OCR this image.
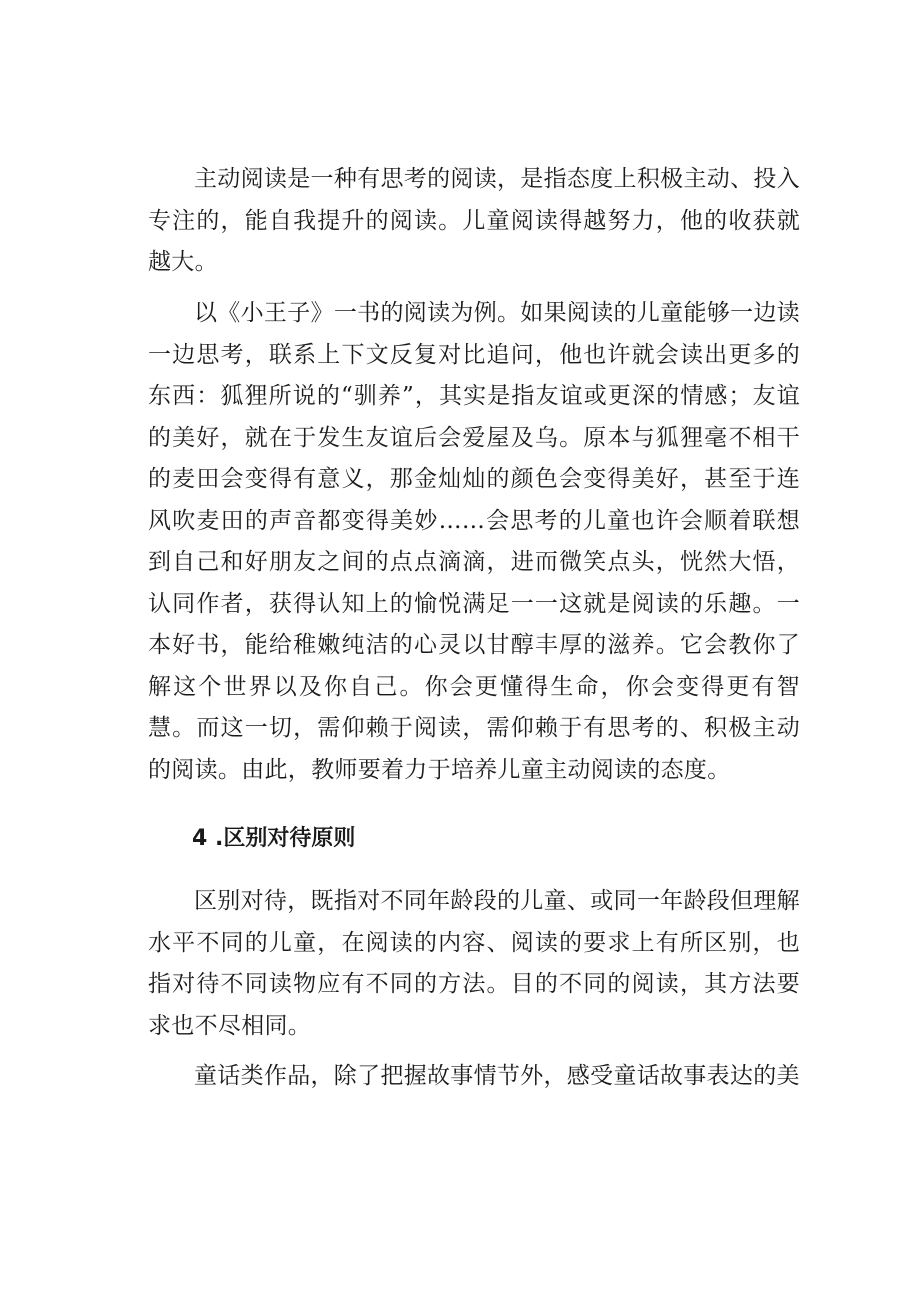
主动阅读是一种有思考的阅读，是指态度上积极主动、投入专注的，能自我提升的阅读。儿童阅读得越努力，他的收获就越大。

以《小王子》一书的阅读为例。如果阅读的儿童能够一边读一边思考，联系上下文反复对比追问，他也许就会读出更多的东西：狐狸所说的“驯养”，其实是指友谊或更深的情感；友谊的美好，就在于发生友谊后会爱屋及乌。原本与狐狸毫不相干的麦田会变得有意义，那金灿灿的颜色会变得美好，甚至于连风吹麦田的声音都变得美妙……会思考的儿童也许会顺着联想到自己和好朋友之间的点点滴滴，进而微笑点头，恍然大悟，认同作者，获得认知上的愉悦满足一一这就是阅读的乐趣。一本好书，能给稚嫩纯洁的心灵以甘醇丰厚的滋养。它会教你了解这个世界以及你自己。你会更懂得生命，你会变得更有智慧。而这一切，需仰赖于阅读，需仰赖于有思考的、积极主动的阅读。由此，教师要着力于培养儿童主动阅读的态度。

4 .区别对待原则

区别对待，既指对不同年龄段的儿童、或同一年龄段但理解水平不同的儿童，在阅读的内容、阅读的要求上有所区别，也指对待不同读物应有不同的方法。目的不同的阅读，其方法要求也不尽相同。

童话类作品，除了把握故事情节外，感受童话故事表达的美
